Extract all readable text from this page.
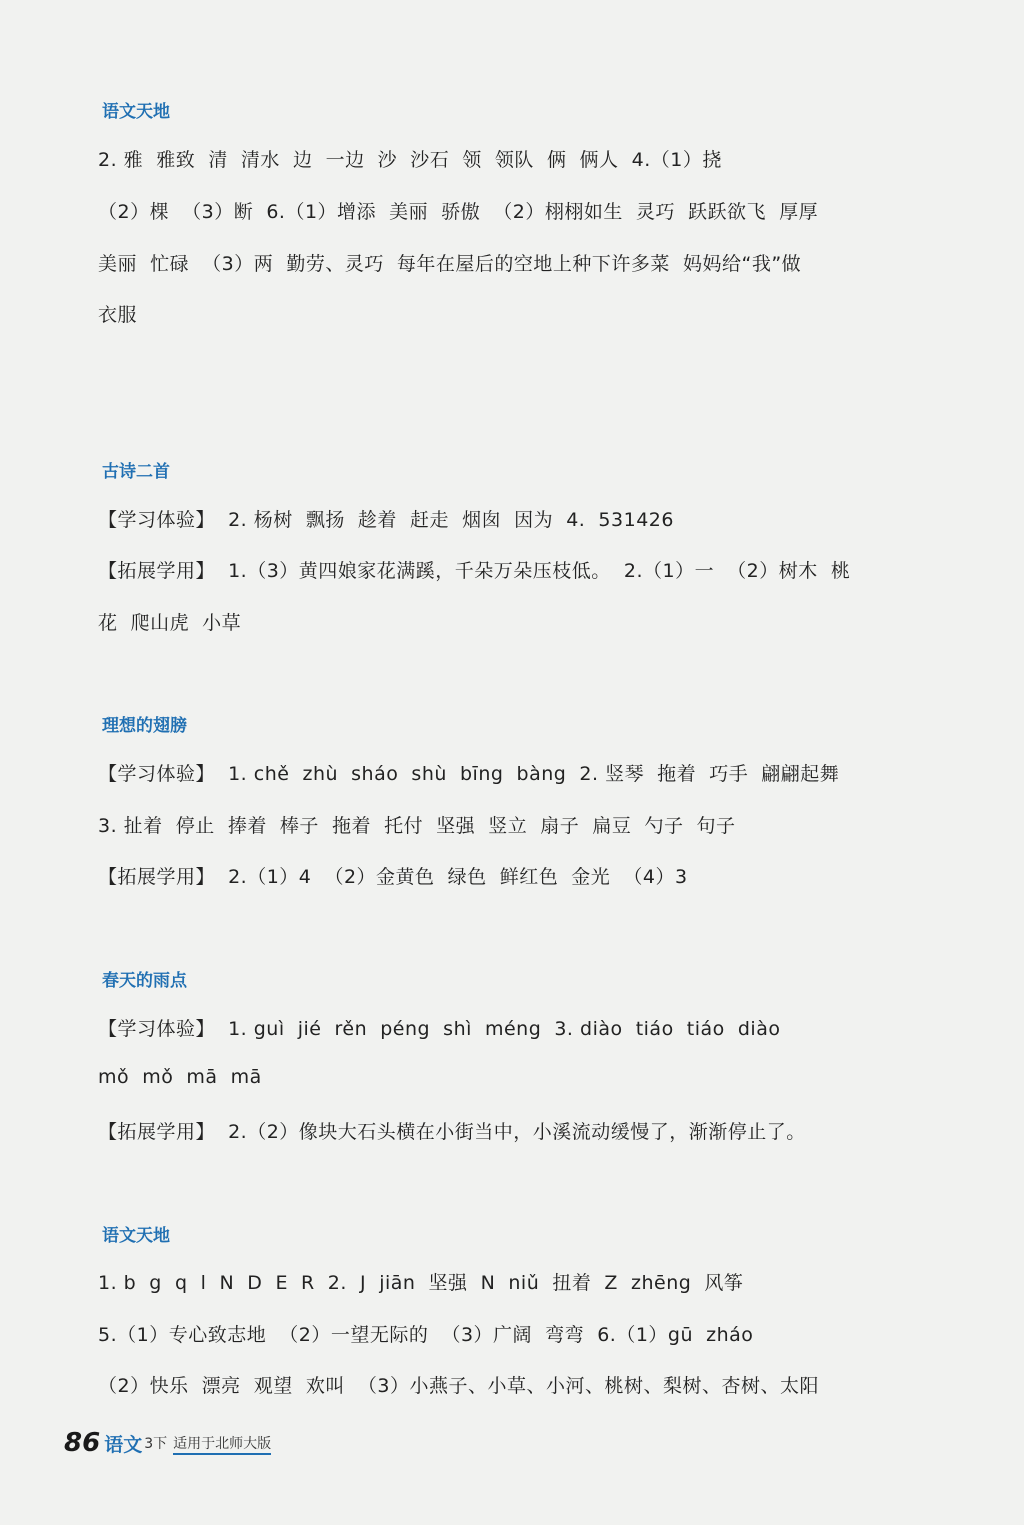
语文天地
2. 雅  雅致  清  清水  边  一边  沙  沙石  领  领队  俩  俩人  4.（1）挠
（2）棵  （3）断  6.（1）增添  美丽  骄傲  （2）栩栩如生  灵巧  跃跃欲飞  厚厚
美丽  忙碌  （3）两  勤劳、灵巧  每年在屋后的空地上种下许多菜  妈妈给“我”做
衣服
古诗二首
【学习体验】  2. 杨树  飘扬  趁着  赶走  烟囱  因为  4.  531426
【拓展学用】  1.（3）黄四娘家花满蹊，千朵万朵压枝低。  2.（1）一  （2）树木  桃
花  爬山虎  小草
理想的翅膀
【学习体验】  1. chě  zhù  sháo  shù  bīng  bàng  2. 竖琴  拖着  巧手  翩翩起舞
3. 扯着  停止  捧着  棒子  拖着  托付  坚强  竖立  扇子  扁豆  勺子  句子
【拓展学用】  2.（1）4  （2）金黄色  绿色  鲜红色  金光  （4）3
春天的雨点
【学习体验】  1. guì  jié  rěn  péng  shì  méng  3. diào  tiáo  tiáo  diào
mǒ  mǒ  mā  mā
【拓展学用】  2.（2）像块大石头横在小街当中，小溪流动缓慢了，渐渐停止了。
语文天地
1. b  g  q  l  N  D  E  R  2.  J  jiān  坚强  N  niǔ  扭着  Z  zhēng  风筝
5.（1）专心致志地  （2）一望无际的  （3）广阔  弯弯  6.（1）gū  zháo
（2）快乐  漂亮  观望  欢叫  （3）小燕子、小草、小河、桃树、梨树、杏树、太阳
86 语文 3下 适用于北师大版
